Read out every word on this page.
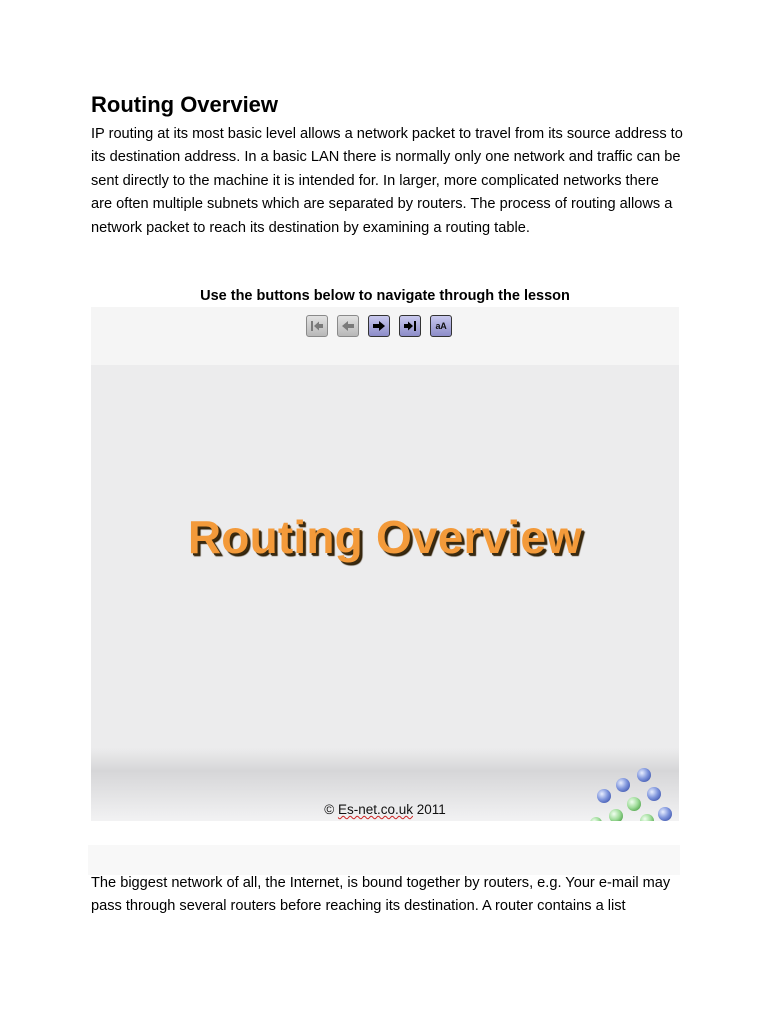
Routing Overview

IP routing at its most basic level allows a network packet to travel from its source address to its destination address. In a basic LAN there is normally only one network and traffic can be sent directly to the machine it is intended for. In larger, more complicated networks there are often multiple subnets which are separated by routers. The process of routing allows a network packet to reach its destination by examining a routing table.

Use the buttons below to navigate through the lesson
aA
Routing Overview
© Es-net.co.uk 2011

The biggest network of all, the Internet, is bound together by routers, e.g. Your e-mail may pass through several routers before reaching its destination. A router contains a list
